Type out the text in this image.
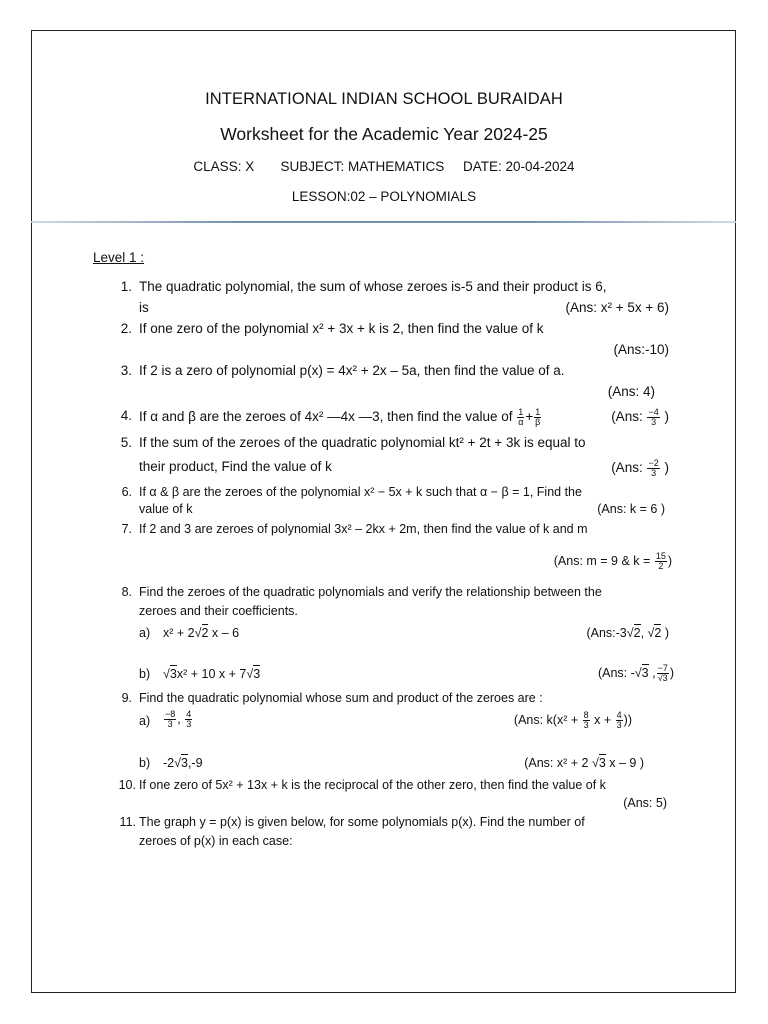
INTERNATIONAL INDIAN SCHOOL BURAIDAH
Worksheet for the Academic Year 2024-25
CLASS: X SUBJECT: MATHEMATICS DATE: 20-04-2024
LESSON:02 – POLYNOMIALS
Level 1 :
1. The quadratic polynomial, the sum of whose zeroes is-5 and their product is 6,
is	(Ans: x² + 5x + 6)
2. If one zero of the polynomial x² + 3x + k is 2, then find the value of k
(Ans:-10)
3. If 2 is a zero of polynomial p(x) = 4x² + 2x – 5a, then find the value of a.
(Ans: 4)
4. If α and β are the zeroes of 4x² —4x —3, then find the value of $\frac{1}{\alpha} + \frac{1}{\beta}$	(Ans: $\frac{-4}{3}$ )
5. If the sum of the zeroes of the quadratic polynomial kt² + 2t + 3k is equal to
their product, Find the value of k	(Ans: $\frac{-2}{3}$ )
6. If α & β are the zeroes of the polynomial x² − 5x + k such that α − β = 1, Find the
value of k	(Ans: k = 6 )
7. If 2 and 3 are zeroes of polynomial 3x² – 2kx + 2m, then find the value of k and m
(Ans: m = 9 & $k = \frac{15}{2}$ )
8. Find the zeroes of the quadratic polynomials and verify the relationship between the
zeroes and their coefficients.
a) x² + 2√2 x – 6	(Ans:-3√2, √2 )
b) √3x² + 10 x + 7√3	(Ans: -√3 , $\frac{-7}{√3}$ )
9. Find the quadratic polynomial whose sum and product of the zeroes are :
$a) \frac{-8}{3}$ , $\frac{4}{3}$	(Ans: $k(x^2 + \frac{8}{3}$ $x + \frac{4}{3}$ ))
b) -2√3,-9	(Ans: x² + 2 √3 x – 9 )
10. If one zero of 5x² + 13x + k is the reciprocal of the other zero, then find the value of k
(Ans: 5)
11. The graph y = p(x) is given below, for some polynomials p(x). Find the number of
zeroes of p(x) in each case:
